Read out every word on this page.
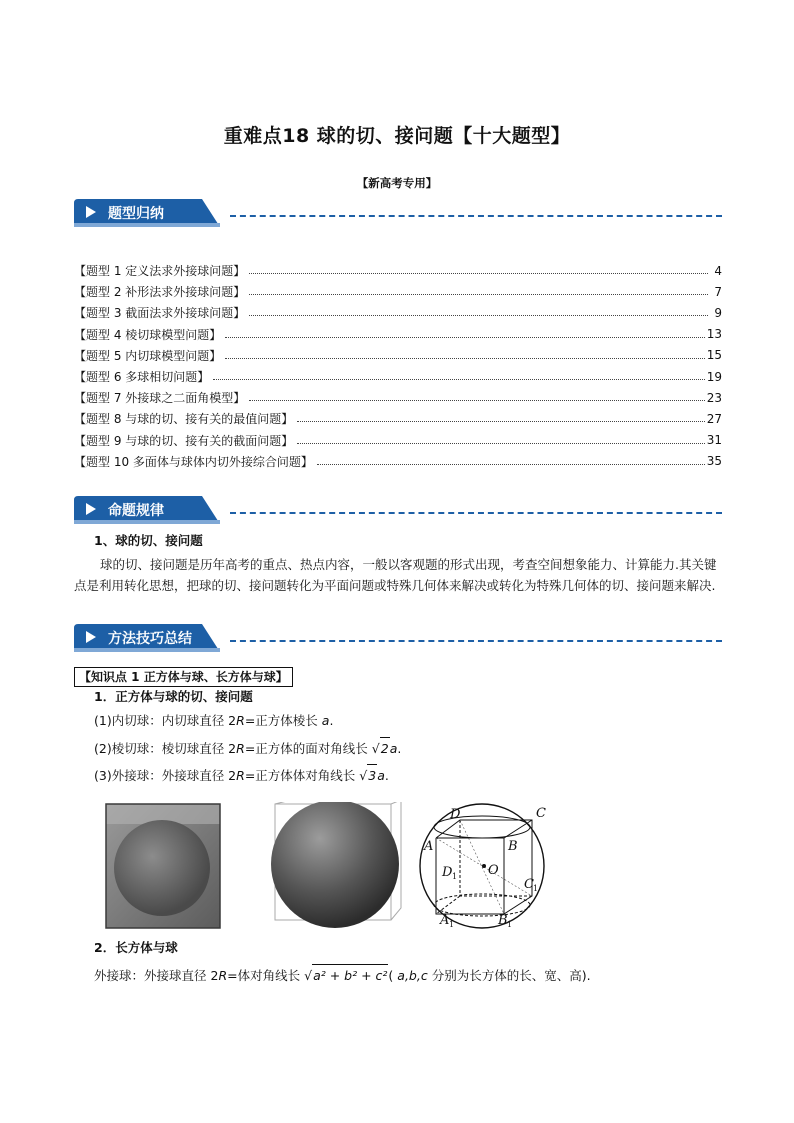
重难点18 球的切、接问题【十大题型】
【新高考专用】
题型归纳
【题型 1 定义法求外接球问题】	4
【题型 2 补形法求外接球问题】	7
【题型 3 截面法求外接球问题】	9
【题型 4 棱切球模型问题】	13
【题型 5 内切球模型问题】	15
【题型 6 多球相切问题】	19
【题型 7 外接球之二面角模型】	23
【题型 8 与球的切、接有关的最值问题】	27
【题型 9 与球的切、接有关的截面问题】	31
【题型 10 多面体与球体内切外接综合问题】	35
命题规律
1、球的切、接问题
球的切、接问题是历年高考的重点、热点内容，一般以客观题的形式出现，考查空间想象能力、计算能力.其关键点是利用转化思想，把球的切、接问题转化为平面问题或特殊几何体来解决或转化为特殊几何体的切、接问题来解决.
方法技巧总结
【知识点 1 正方体与球、长方体与球】
1．正方体与球的切、接问题
(1)内切球：内切球直径 2R=正方体棱长 a.
(2)棱切球：棱切球直径 2R=正方体的面对角线长 √2a.
(3)外接球：外接球直径 2R=正方体体对角线长 √3a.
D	C
A	B
D
C
O
A	B
1
1
1	1
2．长方体与球
外接球：外接球直径 2R=体对角线长 √a² + b² + c²( a,b,c 分别为长方体的长、宽、高).
